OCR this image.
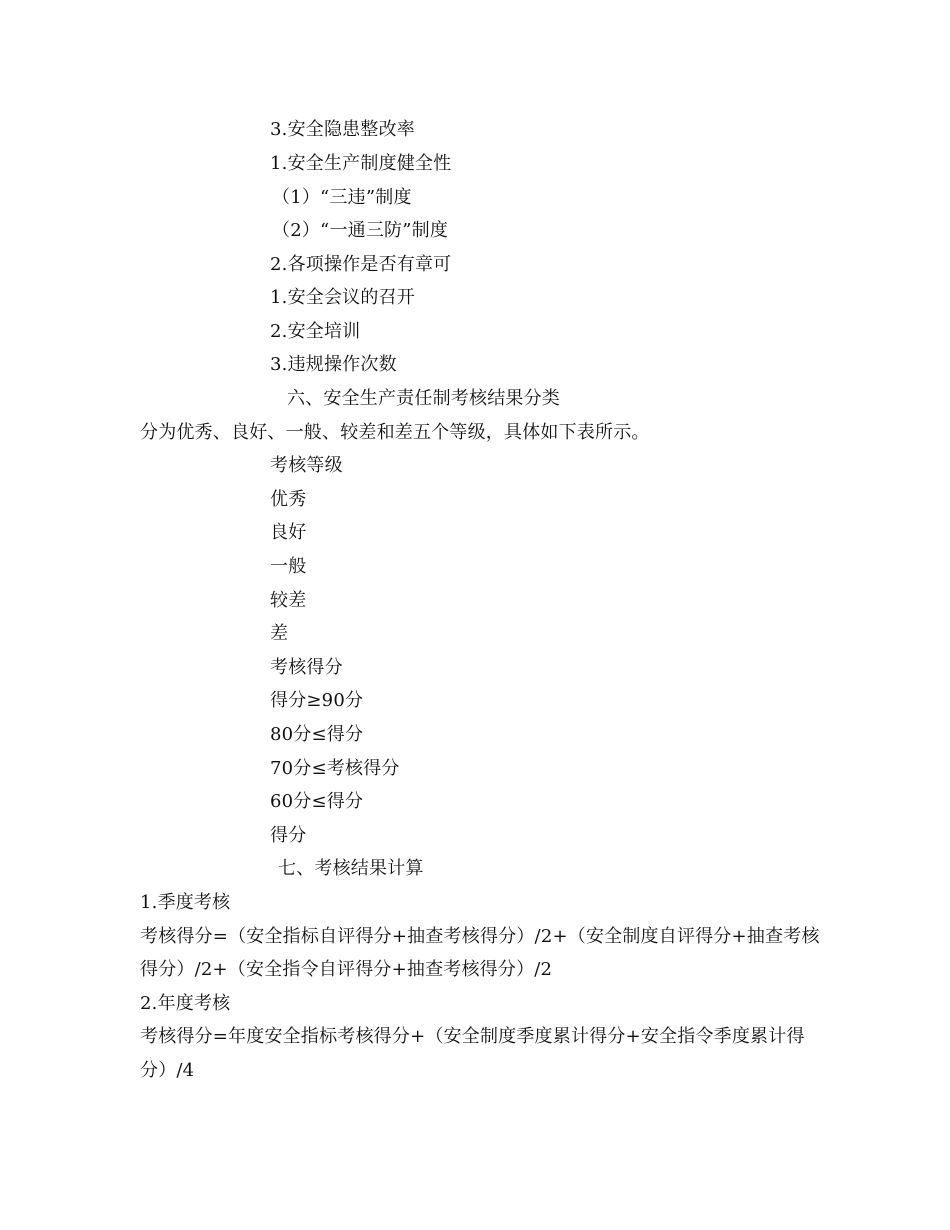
3.安全隐患整改率
1.安全生产制度健全性
（1）“三违”制度
（2）“一通三防”制度
2.各项操作是否有章可
1.安全会议的召开
2.安全培训
3.违规操作次数
六、安全生产责任制考核结果分类
分为优秀、良好、一般、较差和差五个等级，具体如下表所示。
考核等级
优秀
良好
一般
较差
差
考核得分
得分≥90分
80分≤得分
70分≤考核得分
60分≤得分
得分
七、考核结果计算
1.季度考核
考核得分=（安全指标自评得分+抽查考核得分）/2+（安全制度自评得分+抽查考核
得分）/2+（安全指令自评得分+抽查考核得分）/2
2.年度考核
考核得分=年度安全指标考核得分+（安全制度季度累计得分+安全指令季度累计得
分）/4
